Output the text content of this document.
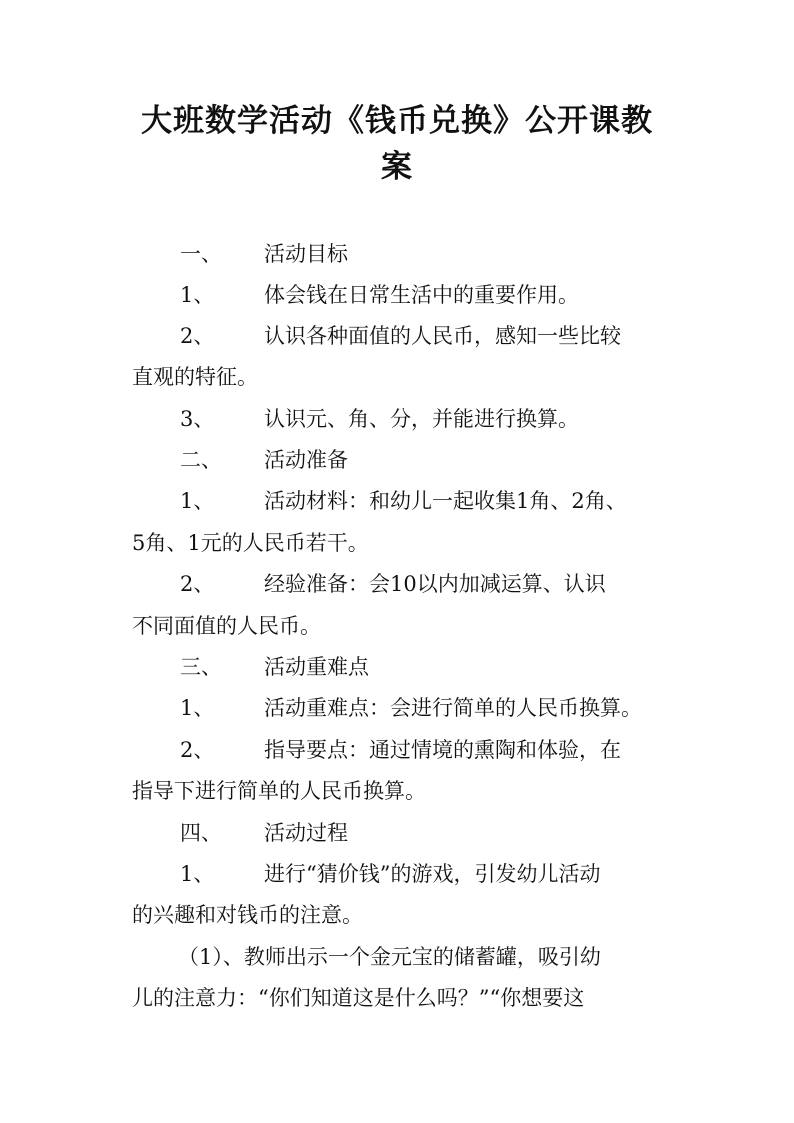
大班数学活动《钱币兑换》公开课教
案
一、 活动目标
1、 体会钱在日常生活中的重要作用。
2、 认识各种面值的人民币，感知一些比较
直观的特征。
3、 认识元、角、分，并能进行换算。
二、 活动准备
1、 活动材料：和幼儿一起收集1角、2角、
5角、1元的人民币若干。
2、 经验准备：会10以内加减运算、认识
不同面值的人民币。
三、 活动重难点
1、 活动重难点：会进行简单的人民币换算。
2、 指导要点：通过情境的熏陶和体验，在
指导下进行简单的人民币换算。
四、 活动过程
1、 进行“猜价钱”的游戏，引发幼儿活动
的兴趣和对钱币的注意。
（1）、教师出示一个金元宝的储蓄罐，吸引幼
儿的注意力：“你们知道这是什么吗？”“你想要这
